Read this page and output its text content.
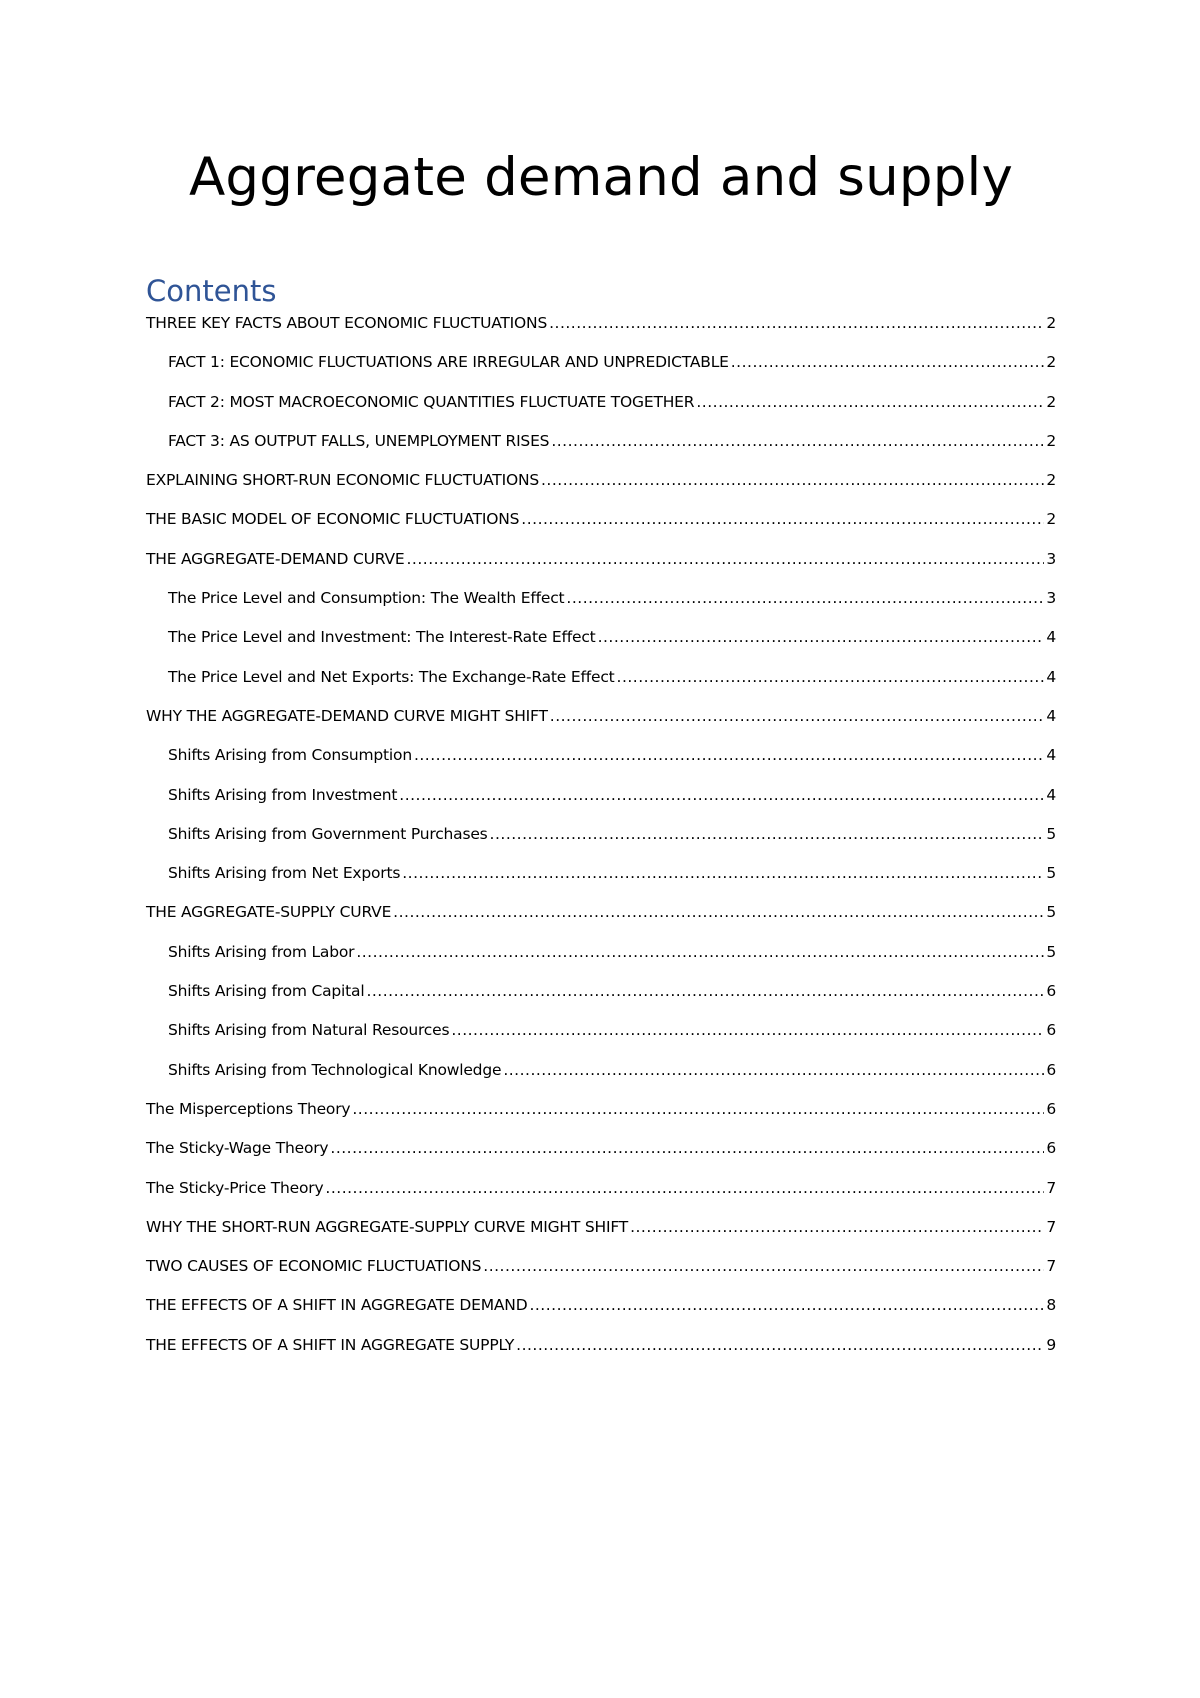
Aggregate demand and supply
Contents
THREE KEY FACTS ABOUT ECONOMIC FLUCTUATIONS .....	2
FACT 1: ECONOMIC FLUCTUATIONS ARE IRREGULAR AND UNPREDICTABLE .....	2
FACT 2: MOST MACROECONOMIC QUANTITIES FLUCTUATE TOGETHER .....	2
FACT 3: AS OUTPUT FALLS, UNEMPLOYMENT RISES .....	2
EXPLAINING SHORT-RUN ECONOMIC FLUCTUATIONS .....	2
THE BASIC MODEL OF ECONOMIC FLUCTUATIONS .....	2
THE AGGREGATE-DEMAND CURVE .....	3
The Price Level and Consumption: The Wealth Effect .....	3
The Price Level and Investment: The Interest-Rate Effect .....	4
The Price Level and Net Exports: The Exchange-Rate Effect .....	4
WHY THE AGGREGATE-DEMAND CURVE MIGHT SHIFT .....	4
Shifts Arising from Consumption .....	4
Shifts Arising from Investment .....	4
Shifts Arising from Government Purchases .....	5
Shifts Arising from Net Exports .....	5
THE AGGREGATE-SUPPLY CURVE .....	5
Shifts Arising from Labor .....	5
Shifts Arising from Capital .....	6
Shifts Arising from Natural Resources .....	6
Shifts Arising from Technological Knowledge .....	6
The Misperceptions Theory .....	6
The Sticky-Wage Theory .....	6
The Sticky-Price Theory .....	7
WHY THE SHORT-RUN AGGREGATE-SUPPLY CURVE MIGHT SHIFT .....	7
TWO CAUSES OF ECONOMIC FLUCTUATIONS .....	7
THE EFFECTS OF A SHIFT IN AGGREGATE DEMAND .....	8
THE EFFECTS OF A SHIFT IN AGGREGATE SUPPLY .....	9
